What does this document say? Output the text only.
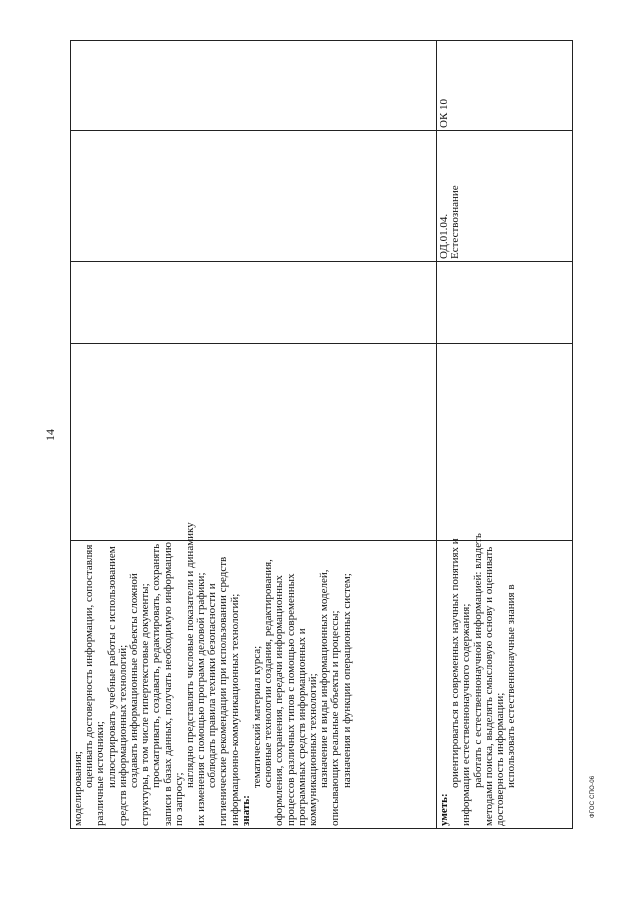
14
моделирования;
оценивать достоверность информации, сопоставляя различные источники; иллюстрировать учебные работы с использованием средств информационных технологий; создавать информационные объекты сложной структуры, в том числе гипертекстовые документы; просматривать, создавать, редактировать, сохранять записи в базах данных, получать необходимую информацию по запросу;
наглядно представлять числовые показатели и динамику их изменения с помощью программ деловой графики; соблюдать правила техники безопасности и гигиенические рекомендации при использовании средств информационно-коммуникационных технологий; знать:
тематический материал курса; основные технологии создания, редактирования, оформления, сохранения, передачи информационных процессов различных типов с помощью современных программных средств информационных и коммуникационных технологий; назначение и виды информационных моделей, описывающих реальные объекты и процессы; назначения и функции операционных систем;
уметь:
ориентироваться в современных научных понятиях и информации естественнонаучного содержания; работать с естественнонаучной информацией: владеть методами поиска, выделять смысловую основу и оценивать достоверность информации; использовать естественнонаучные знания в
ОД.01.04. Естествознание
ОК 10
ФГОС СПО-06
